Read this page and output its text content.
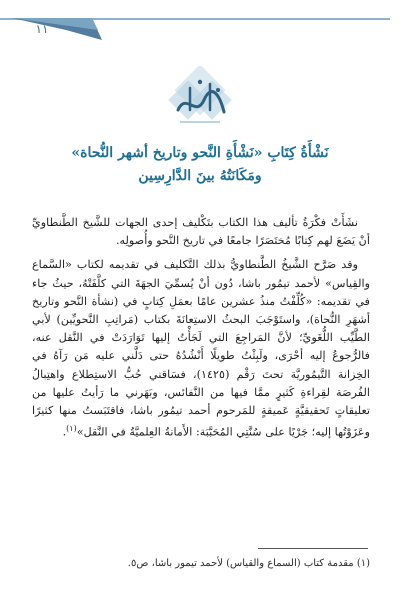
١١
نَشْأَةُ كِتَابِ «نَشْأَةِ النَّحو وتاريخ أشهر النُّحاة»
ومَكَانَتُهُ بينَ الدَّارِسِين

نشَأَتْ فكْرَةُ تأليف هذا الكتاب بتَكْليف إحدى الجهات للشَّيخ الطَّنطاويِّ أنْ يَضَعَ لهم كِتابًا مُختَصَرًا جامعًا في تاريخ النَّحو وأُصولِه.

وقد صَرَّح الشَّيخُ الطَّنطاويُّ بذلك التَّكليف في تقديمه لكتاب «السَّماع والقِياس» لأحمد تيمُور باشا، دُون أنْ يُسمِّيَ الجهَةَ التي كلَّفَتْهُ، حيثُ جاء في تقديمه: «كُلِّفْتُ منذُ عشرين عامًا بعمَلِ كِتابٍ في (نشأة النَّحو وتاريخ أشهَرِ النُّحاة)، واستَوْجَبَ البحثُ الاستِعانَةَ بكتاب (مَراتِبِ النَّحويِّين) لأبي الطَّيِّب اللُّغَويِّ؛ لأنَّ المَراجِعَ التي لَجَأْتُ إليها تَوَارَدَتْ في النَّقل عنه، فالرُّجوعُ إليه أحْرَى، ولَبِثْتُ طويلًا أَنْشُدُهُ حتى دَلَّني عليه مَن رَآهُ في الخِزانة التَّيمُوريَّة تحتَ رَقْم (١٤٢٥)، فسَاقني حُبُّ الاستِطلاع واهتِبالُ الفُرصَة لقِراءةِ كَثيرٍ ممَّا فيها من النَّفائس، وبَهَرني ما رَأيتُ عليها من تعليقاتٍ تَحقيقيَّةٍ عَميقةٍ للمَرحوم أحمد تيمُور باشا، فاقتَبَستُ منها كثيرًا وعَزَوْتُها إليه؛ جَرْيًا على سُنَّتِي المُحَبَّبَة: الأَمانةُ العِلميَّةُ في النَّقل»$^{(١)}$.

(١) مقدمة كتاب (السماع والقياس) لأحمد تيمور باشا، ص٥.
